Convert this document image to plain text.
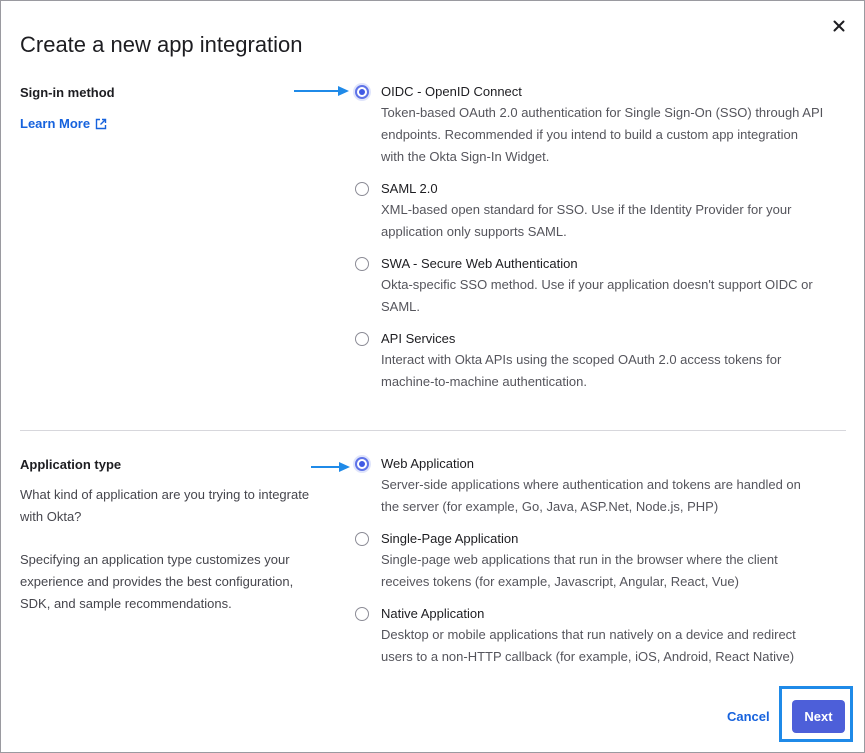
Create a new app integration
Sign-in method
Learn More
OIDC - OpenID Connect
Token-based OAuth 2.0 authentication for Single Sign-On (SSO) through API
endpoints. Recommended if you intend to build a custom app integration
with the Okta Sign-In Widget.
SAML 2.0
XML-based open standard for SSO. Use if the Identity Provider for your
application only supports SAML.
SWA - Secure Web Authentication
Okta-specific SSO method. Use if your application doesn't support OIDC or
SAML.
API Services
Interact with Okta APIs using the scoped OAuth 2.0 access tokens for
machine-to-machine authentication.
Application type

What kind of application are you trying to integrate
with Okta?

Specifying an application type customizes your
experience and provides the best configuration,
SDK, and sample recommendations.

Web Application
Server-side applications where authentication and tokens are handled on
the server (for example, Go, Java, ASP.Net, Node.js, PHP)
Single-Page Application
Single-page web applications that run in the browser where the client
receives tokens (for example, Javascript, Angular, React, Vue)
Native Application
Desktop or mobile applications that run natively on a device and redirect
users to a non-HTTP callback (for example, iOS, Android, React Native)
Cancel	Next
